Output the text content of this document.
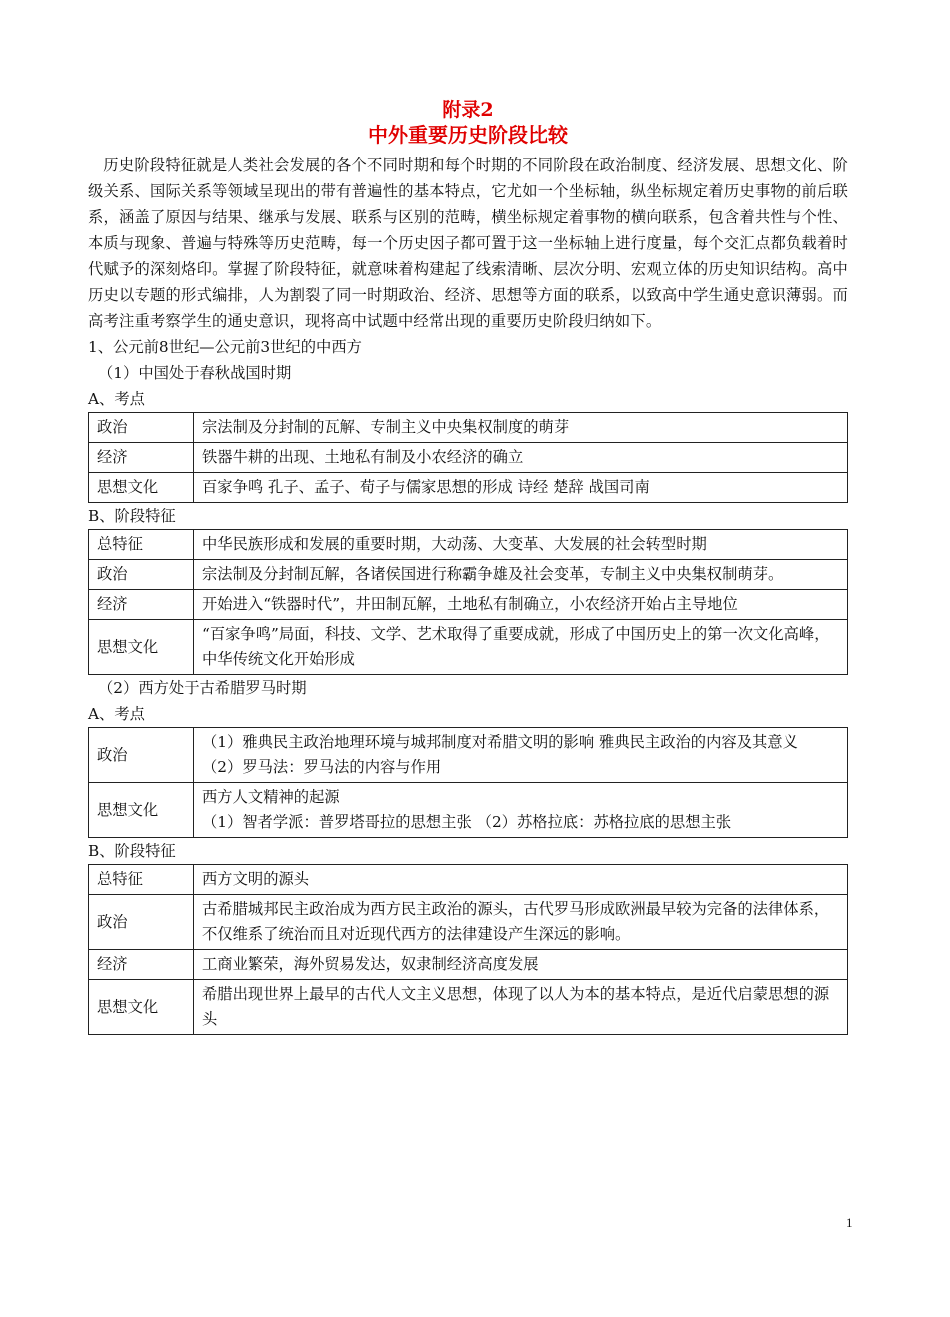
附录2

中外重要历史阶段比较

历史阶段特征就是人类社会发展的各个不同时期和每个时期的不同阶段在政治制度、经济发展、思想文化、阶级关系、国际关系等领域呈现出的带有普遍性的基本特点，它尤如一个坐标轴，纵坐标规定着历史事物的前后联系，涵盖了原因与结果、继承与发展、联系与区别的范畴，横坐标规定着事物的横向联系，包含着共性与个性、本质与现象、普遍与特殊等历史范畴，每一个历史因子都可置于这一坐标轴上进行度量，每个交汇点都负载着时代赋予的深刻烙印。掌握了阶段特征，就意味着构建起了线索清晰、层次分明、宏观立体的历史知识结构。高中历史以专题的形式编排，人为割裂了同一时期政治、经济、思想等方面的联系，以致高中学生通史意识薄弱。而高考注重考察学生的通史意识，现将高中试题中经常出现的重要历史阶段归纳如下。

1、公元前8世纪—公元前3世纪的中西方

（1）中国处于春秋战国时期

A、考点

政治	宗法制及分封制的瓦解、专制主义中央集权制度的萌芽
经济	铁器牛耕的出现、土地私有制及小农经济的确立
思想文化	百家争鸣 孔子、孟子、荀子与儒家思想的形成 诗经 楚辞 战国司南

B、阶段特征

总特征	中华民族形成和发展的重要时期，大动荡、大变革、大发展的社会转型时期
政治	宗法制及分封制瓦解，各诸侯国进行称霸争雄及社会变革，专制主义中央集权制萌芽。
经济	开始进入“铁器时代”，井田制瓦解，土地私有制确立，小农经济开始占主导地位
思想文化	“百家争鸣”局面，科技、文学、艺术取得了重要成就，形成了中国历史上的第一次文化高峰，中华传统文化开始形成

（2）西方处于古希腊罗马时期

A、考点

政治	（1）雅典民主政治地理环境与城邦制度对希腊文明的影响 雅典民主政治的内容及其意义
（2）罗马法：罗马法的内容与作用

思想文化	西方人文精神的起源
（1）智者学派：普罗塔哥拉的思想主张 （2）苏格拉底：苏格拉底的思想主张

B、阶段特征

总特征	西方文明的源头
政治	古希腊城邦民主政治成为西方民主政治的源头，古代罗马形成欧洲最早较为完备的法律体系，不仅维系了统治而且对近现代西方的法律建设产生深远的影响。
经济	工商业繁荣，海外贸易发达，奴隶制经济高度发展
思想文化	希腊出现世界上最早的古代人文主义思想，体现了以人为本的基本特点，是近代启蒙思想的源头
1
